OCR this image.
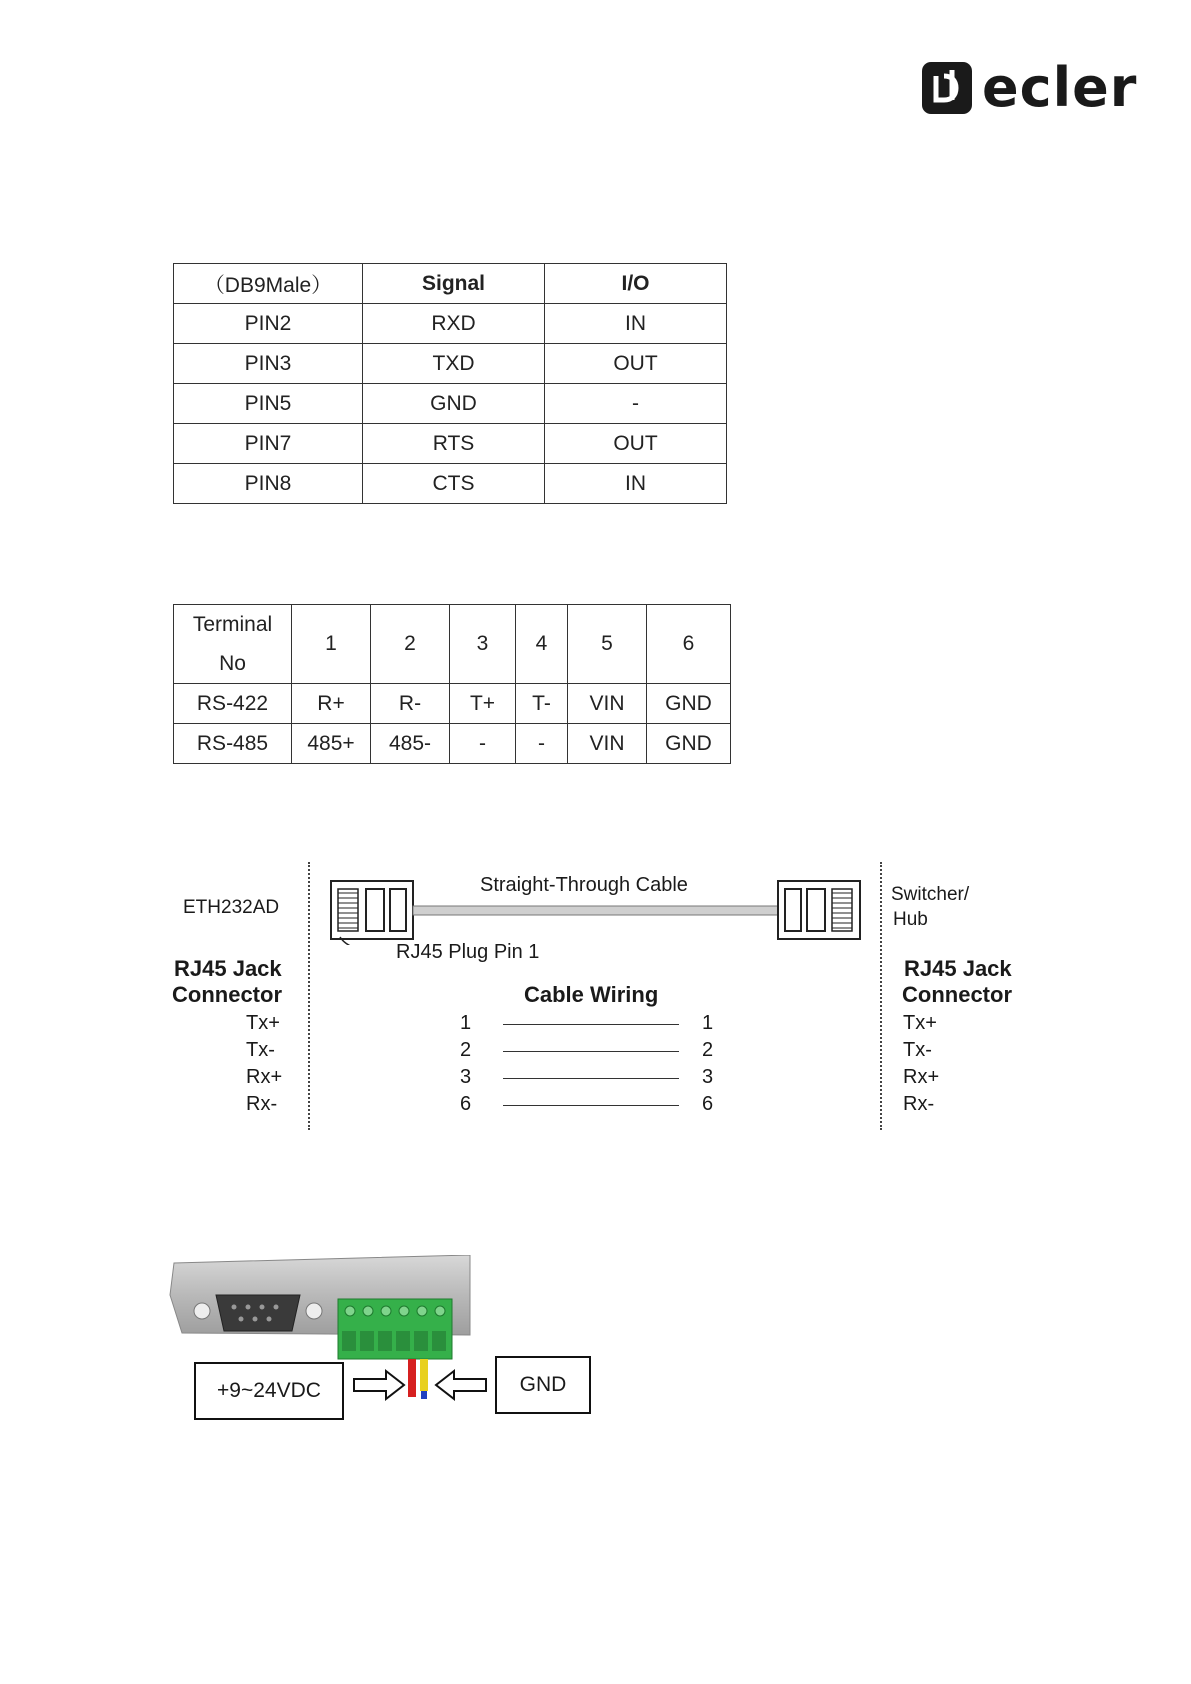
ecler
（DB9Male）	Signal	I/O
PIN2	RXD	IN
PIN3	TXD	OUT
PIN5	GND	-
PIN7	RTS	OUT
PIN8	CTS	IN
Terminal
No	1	2	3	4	5	6
RS-422	R+	R-	T+	T-	VIN	GND
RS-485	485+	485-	-	-	VIN	GND
ETH232AD
Straight-Through Cable
RJ45 Plug Pin 1
Switcher/
Hub
RJ45 Jack
Connector
RJ45 Jack
Connector
Cable Wiring
Tx+	1	1	Tx+
Tx-	2	2	Tx-
Rx+	3	3	Rx+
Rx-	6	6	Rx-
+9~24VDC	GND
